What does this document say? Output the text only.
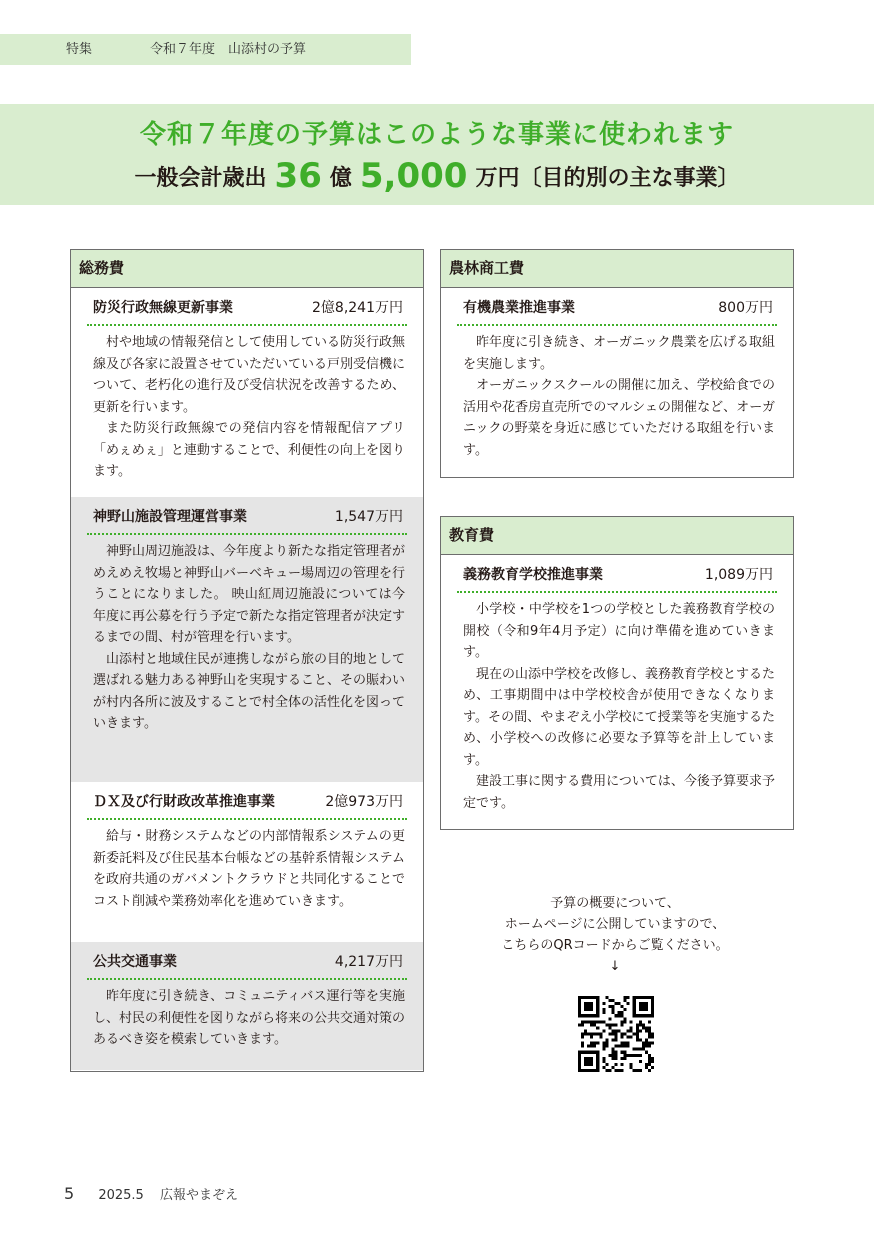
特集	令和７年度　山添村の予算
令和７年度の予算はこのような事業に使われます
一般会計歳出 36 億 5,000 万円〔目的別の主な事業〕
総務費
防災行政無線更新事業	2億8,241万円

村や地域の情報発信として使用している防災行政無線及び各家に設置させていただいている戸別受信機について、老朽化の進行及び受信状況を改善するため、更新を行います。

また防災行政無線での発信内容を情報配信アプリ「めぇめぇ」と連動することで、利便性の向上を図ります。

神野山施設管理運営事業	1,547万円

神野山周辺施設は、今年度より新たな指定管理者がめえめえ牧場と神野山バーベキュー場周辺の管理を行うことになりました。 映山紅周辺施設については今年度に再公募を行う予定で新たな指定管理者が決定するまでの間、村が管理を行います。

山添村と地域住民が連携しながら旅の目的地として選ばれる魅力ある神野山を実現すること、その賑わいが村内各所に波及することで村全体の活性化を図っていきます。

ＤＸ及び行財政改革推進事業	2億973万円

給与・財務システムなどの内部情報系システムの更新委託料及び住民基本台帳などの基幹系情報システムを政府共通のガバメントクラウドと共同化することでコスト削減や業務効率化を進めていきます。

公共交通事業	4,217万円

昨年度に引き続き、コミュニティバス運行等を実施し、村民の利便性を図りながら将来の公共交通対策のあるべき姿を模索していきます。

農林商工費
有機農業推進事業	800万円

昨年度に引き続き、オーガニック農業を広げる取組を実施します。

オーガニックスクールの開催に加え、学校給食での活用や花香房直売所でのマルシェの開催など、オーガニックの野菜を身近に感じていただける取組を行います。

教育費
義務教育学校推進事業	1,089万円

小学校・中学校を1つの学校とした義務教育学校の開校（令和9年4月予定）に向け準備を進めていきます。

現在の山添中学校を改修し、義務教育学校とするため、工事期間中は中学校校舎が使用できなくなります。その間、やまぞえ小学校にて授業等を実施するため、小学校への改修に必要な予算等を計上しています。

建設工事に関する費用については、今後予算要求予定です。

予算の概要について、
ホームページに公開していますので、
こちらのQRコードからご覧ください。
↓
5 2025.5 広報やまぞえ
